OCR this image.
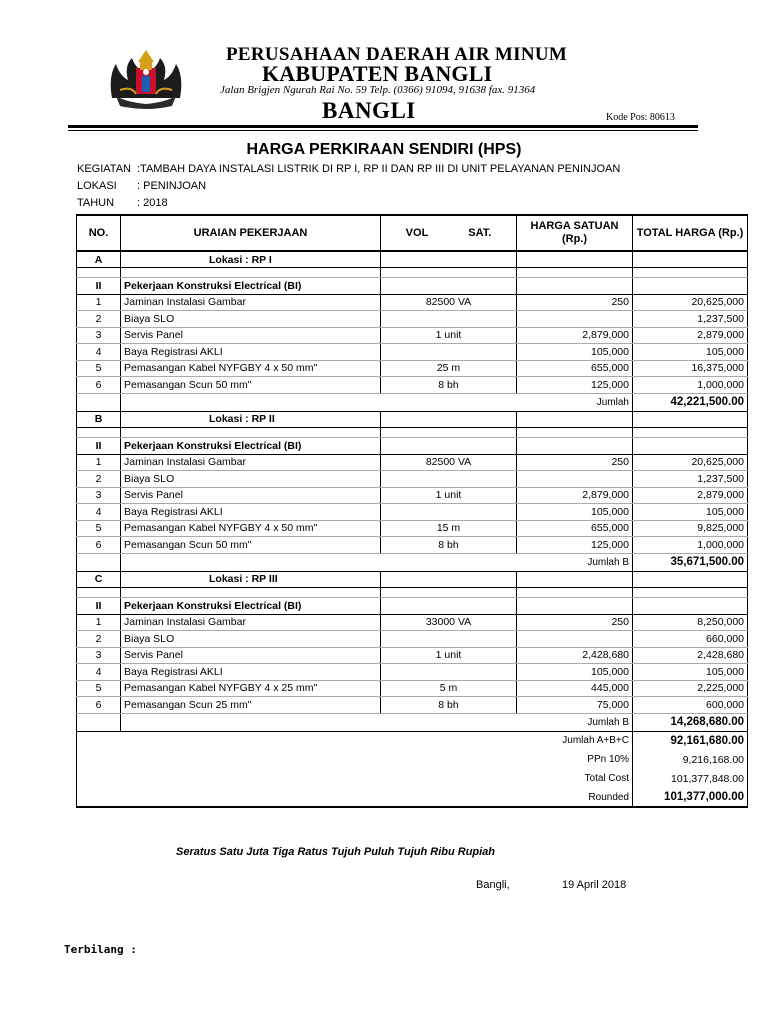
PERUSAHAAN DAERAH AIR MINUM
KABUPATEN BANGLI
Jalan Brigjen Ngurah Rai No. 59 Telp. (0366) 91094, 91638 fax. 91364
BANGLI	Kode Pos: 80613
HARGA PERKIRAAN SENDIRI (HPS)
KEGIATAN :TAMBAH DAYA INSTALASI LISTRIK DI RP I, RP II DAN RP III DI UNIT PELAYANAN PENINJOAN
LOKASI : PENINJOAN
TAHUN : 2018
NO.	URAIAN PEKERJAAN	VOL SAT.	HARGA SATUAN (Rp.)	TOTAL HARGA (Rp.)
A	Lokasi : RP I			

II	Pekerjaan Konstruksi Electrical (BI)			
1	Jaminan Instalasi Gambar	82500 VA	250	20,625,000
2	Biaya SLO			1,237,500
3	Servis Panel	1 unit	2,879,000	2,879,000
4	Baya Registrasi AKLI		105,000	105,000
5	Pemasangan Kabel NYFGBY 4 x 50 mm"	25 m	655,000	16,375,000
6	Pemasangan Scun 50 mm"	8 bh	125,000	1,000,000
			Jumlah	42,221,500.00
B	Lokasi : RP II			

II	Pekerjaan Konstruksi Electrical (BI)			
1	Jaminan Instalasi Gambar	82500 VA	250	20,625,000
2	Biaya SLO			1,237,500
3	Servis Panel	1 unit	2,879,000	2,879,000
4	Baya Registrasi AKLI		105,000	105,000
5	Pemasangan Kabel NYFGBY 4 x 50 mm"	15 m	655,000	9,825,000
6	Pemasangan Scun 50 mm"	8 bh	125,000	1,000,000
			Jumlah B	35,671,500.00
C	Lokasi : RP III			

II	Pekerjaan Konstruksi Electrical (BI)			
1	Jaminan Instalasi Gambar	33000 VA	250	8,250,000
2	Biaya SLO			660,000
3	Servis Panel	1 unit	2,428,680	2,428,680
4	Baya Registrasi AKLI		105,000	105,000
5	Pemasangan Kabel NYFGBY 4 x 25 mm"	5 m	445,000	2,225,000
6	Pemasangan Scun 25 mm"	8 bh	75,000	600,000
			Jumlah B	14,268,680.00
			Jumlah A+B+C	92,161,680.00
			PPn 10%	9,216,168.00
			Total Cost	101,377,848.00
			Rounded	101,377,000.00
Seratus Satu Juta Tiga Ratus Tujuh Puluh Tujuh Ribu Rupiah
Bangli,	19 April 2018
Terbilang :
